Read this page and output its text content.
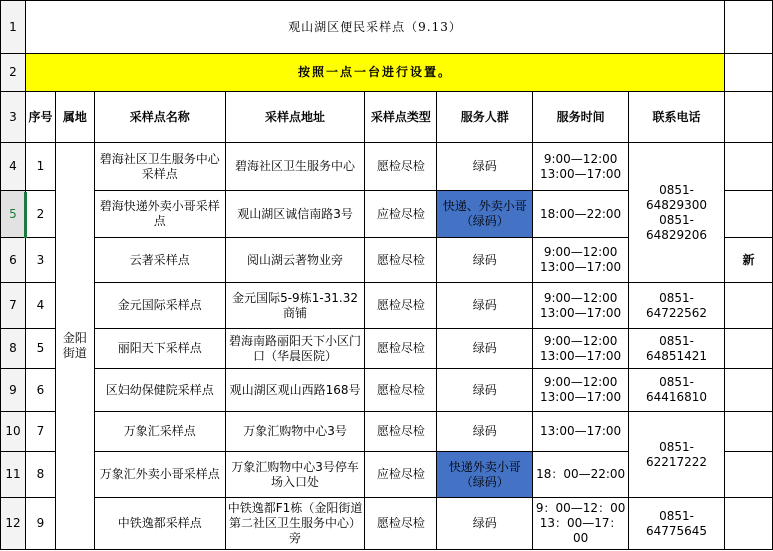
1	观山湖区便民采样点（9.13）								
2	按照一点一台进行设置。								
3	序号	属地	采样点名称	采样点地址	采样点类型	服务人群	服务时间	联系电话	
4	1	金阳街道	碧海社区卫生服务中心采样点	碧海社区卫生服务中心	愿检尽检	绿码	9:00—12:00
13:00—17:00	0851-64829300
0851-64829206	
5	2		碧海快递外卖小哥采样点	观山湖区诚信南路3号	应检尽检	快递、外卖小哥（绿码）	18:00—22:00		
6	3		云著采样点	阅山湖云著物业旁	愿检尽检	绿码	9:00—12:00
13:00—17:00		新
7	4		金元国际采样点	金元国际5-9栋1-31.32商铺	愿检尽检	绿码	9:00—12:00
13:00—17:00	0851-64722562	
8	5		丽阳天下采样点	碧海南路丽阳天下小区门口（华晨医院）	愿检尽检	绿码	9:00—12:00
13:00—17:00	0851-64851421	
9	6		区妇幼保健院采样点	观山湖区观山西路168号	愿检尽检	绿码	9:00—12:00
13:00—17:00	0851-64416810	
10	7		万象汇采样点	万象汇购物中心3号	愿检尽检	绿码	13:00—17:00	0851-62217222	
11	8		万象汇外卖小哥采样点	万象汇购物中心3号停车场入口处	应检尽检	快递外卖小哥（绿码）	18：00—22:00		
12	9		中铁逸都采样点	中铁逸都F1栋（金阳街道第二社区卫生服务中心）旁	愿检尽检	绿码	9：00—12：00
13：00—17：00	0851-64775645	
